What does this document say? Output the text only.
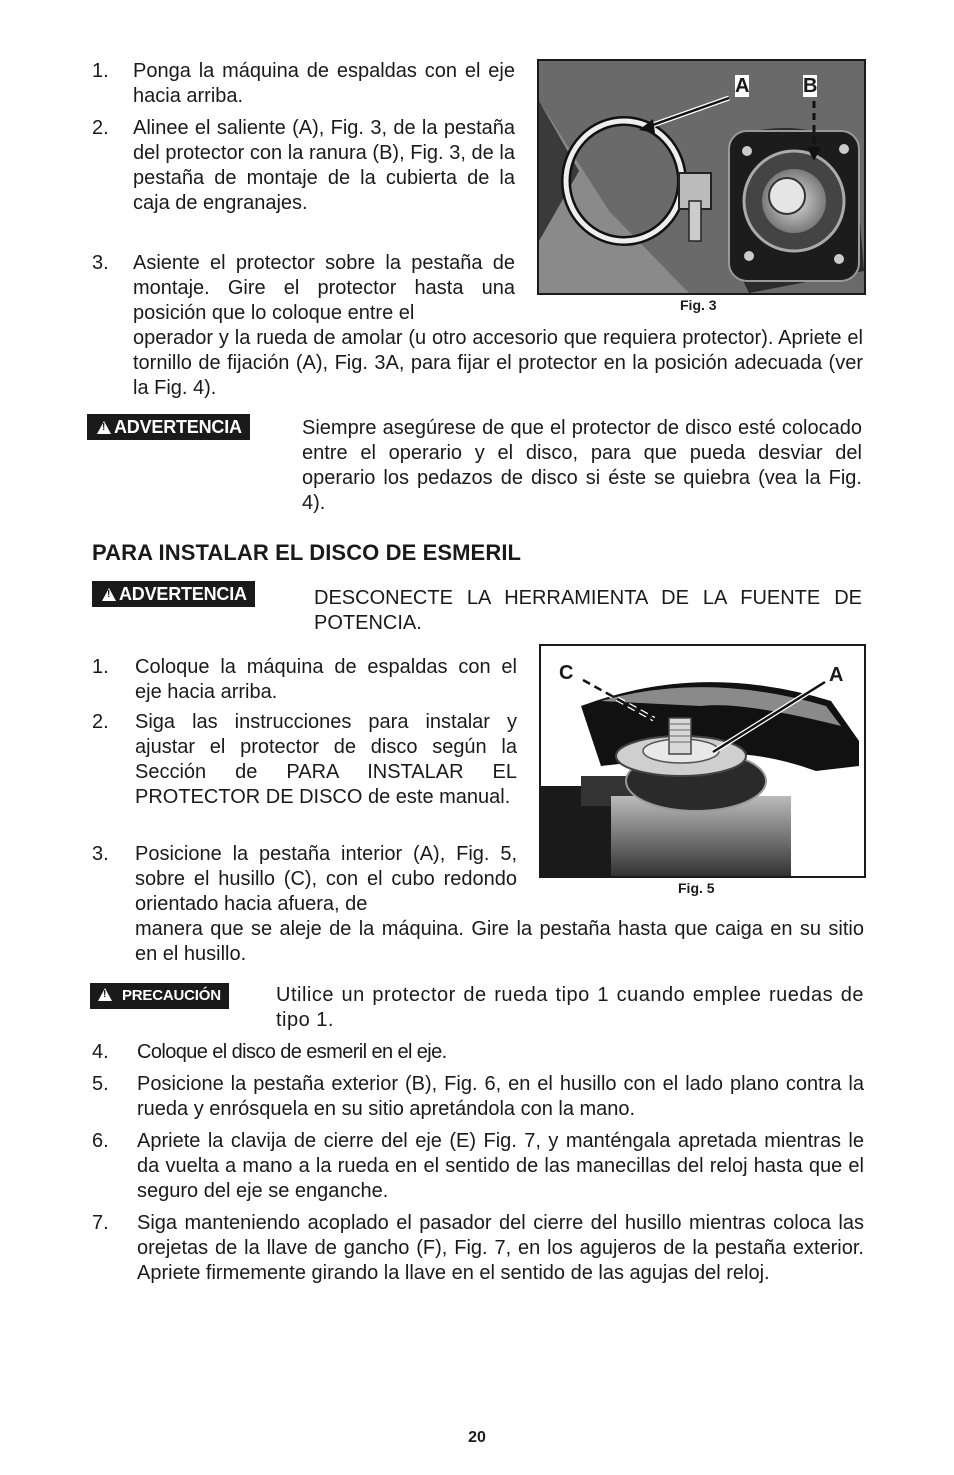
1. Ponga la máquina de espaldas con el eje hacia arriba.
2. Alinee el saliente (A), Fig. 3, de la pestaña del protector con la ranura (B), Fig. 3, de la pestaña de montaje de la cubierta de la caja de engranajes.
3. Asiente el protector sobre la pestaña de montaje. Gire el protector hasta una posición que lo coloque entre el
operador y la rueda de amolar (u otro accesorio que requiera protector). Apriete el tornillo de fijación (A), Fig. 3A, para fijar el protector en la posición adecuada (ver la Fig. 4).
A	B
Fig. 3
!ADVERTENCIA	Siempre asegúrese de que el protector de disco esté colocado entre el operario y el disco, para que pueda desviar del operario los pedazos de disco si éste se quiebra (vea la Fig. 4).
PARA INSTALAR EL DISCO DE ESMERIL
!ADVERTENCIA	DESCONECTE LA HERRAMIENTA DE LA FUENTE DE POTENCIA.
1. Coloque la máquina de espaldas con el eje hacia arriba.
2. Siga las instrucciones para instalar y ajustar el protector de disco según la Sección de PARA INSTALAR EL PROTECTOR DE DISCO de este manual.
3. Posicione la pestaña interior (A), Fig. 5, sobre el husillo (C), con el cubo redondo orientado hacia afuera, de
manera que se aleje de la máquina. Gire la pestaña hasta que caiga en su sitio en el husillo.
C	A
Fig. 5
!PRECAUCIÓN	Utilice un protector de rueda tipo 1 cuando emplee ruedas de tipo 1.
4. Coloque el disco de esmeril en el eje.
5. Posicione la pestaña exterior (B), Fig. 6, en el husillo con el lado plano contra la rueda y enrósquela en su sitio apretándola con la mano.
6. Apriete la clavija de cierre del eje (E) Fig. 7, y manténgala apretada mientras le da vuelta a mano a la rueda en el sentido de las manecillas del reloj hasta que el seguro del eje se enganche.
7. Siga manteniendo acoplado el pasador del cierre del husillo mientras coloca las orejetas de la llave de gancho (F), Fig. 7, en los agujeros de la pestaña exterior. Apriete firmemente girando la llave en el sentido de las agujas del reloj.
20
